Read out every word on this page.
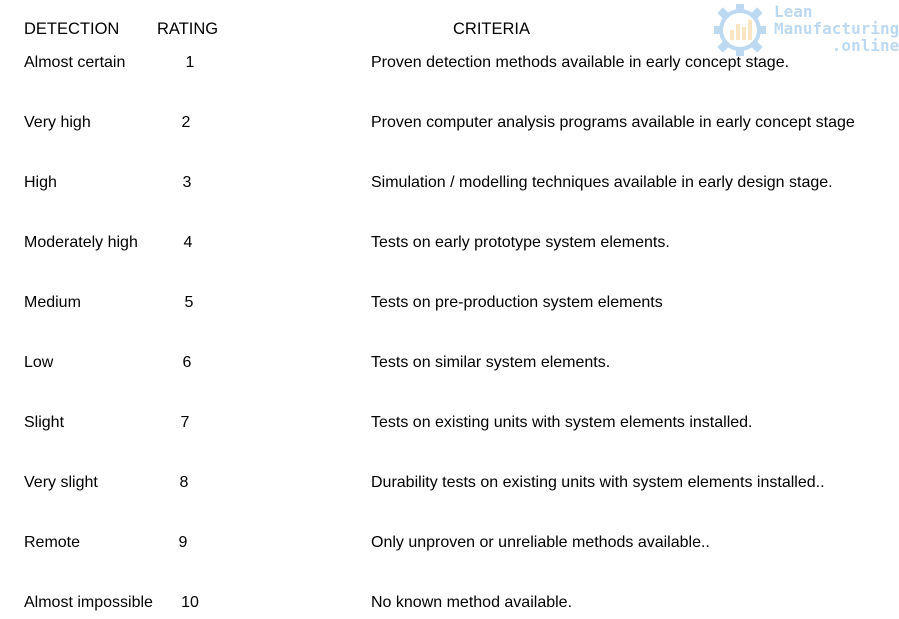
Lean
Manufacturing
.online
DETECTION RATING	CRITERIA
Almost certain	1	Proven detection methods available in early concept stage.
Very high	2	Proven computer analysis programs available in early concept stage
High	3	Simulation / modelling techniques available in early design stage.
Moderately high	4	Tests on early prototype system elements.
Medium	5	Tests on pre-production system elements
Low	6	Tests on similar system elements.
Slight	7	Tests on existing units with system elements installed.
Very slight	8	Durability tests on existing units with system elements installed..
Remote	9	Only unproven or unreliable methods available..
Almost impossible 10	No known method available.
